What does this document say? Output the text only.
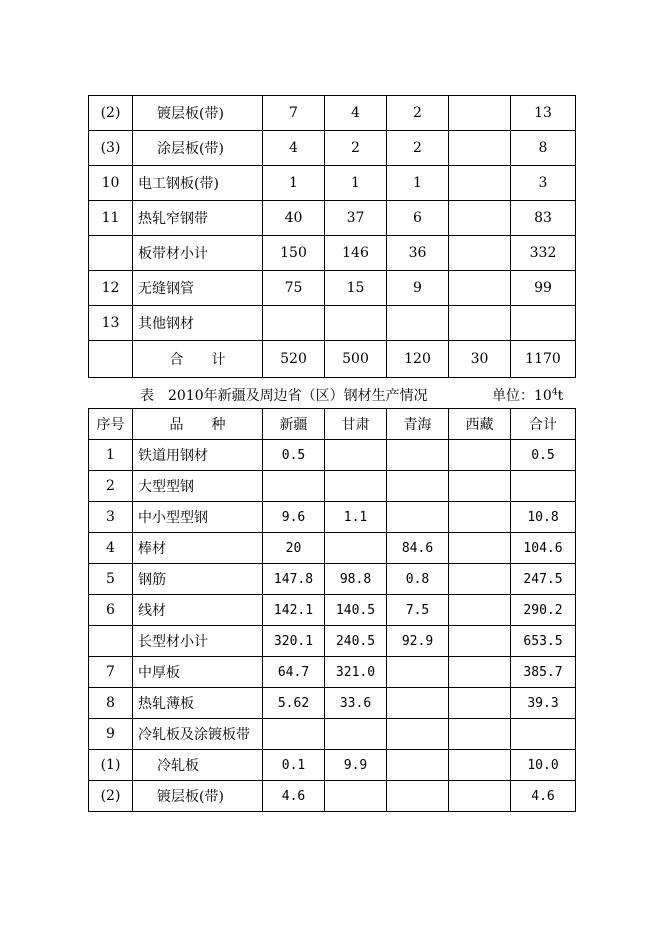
(2)	镀层板(带)	7	4	2		13
(3)	涂层板(带)	4	2	2		8
10	电工钢板(带)	1	1	1		3
11	热轧窄钢带	40	37	6		83
	板带材小计	150	146	36		332
12	无缝钢管	75	15	9		99
13	其他钢材					
	合　　计	520	500	120	30	1170
表　2010年新疆及周边省（区）钢材生产情况	单位：$10^4t$
序号	品　　种	新疆	甘肃	青海	西藏	合计
1	铁道用钢材	0.5				0.5
2	大型型钢					
3	中小型型钢	9.6	1.1			10.8
4	棒材	20		84.6		104.6
5	钢筋	147.8	98.8	0.8		247.5
6	线材	142.1	140.5	7.5		290.2
	长型材小计	320.1	240.5	92.9		653.5
7	中厚板	64.7	321.0			385.7
8	热轧薄板	5.62	33.6			39.3
9	冷轧板及涂镀板带					
(1)	冷轧板	0.1	9.9			10.0
(2)	镀层板(带)	4.6				4.6
